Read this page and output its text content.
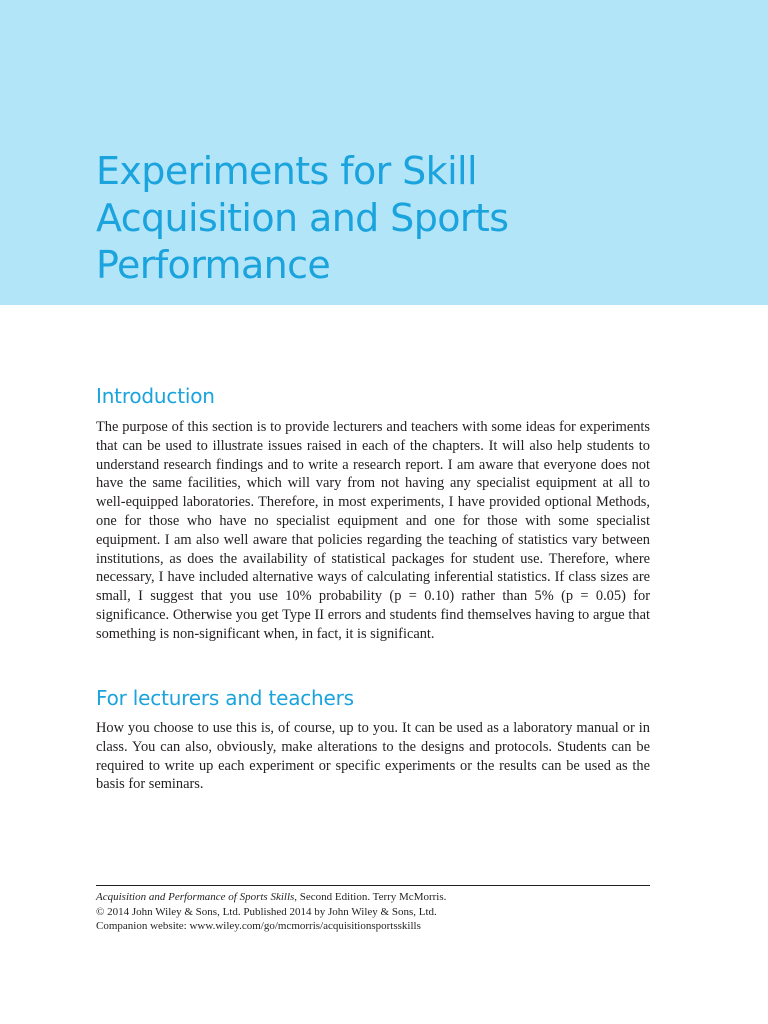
Experiments for Skill Acquisition and Sports Performance
Introduction

The purpose of this section is to provide lecturers and teachers with some ideas for experiments that can be used to illustrate issues raised in each of the chapters. It will also help students to understand research findings and to write a research report. I am aware that everyone does not have the same facilities, which will vary from not having any specialist equipment at all to well-equipped laboratories. Therefore, in most experiments, I have provided optional Methods, one for those who have no specialist equipment and one for those with some specialist equipment. I am also well aware that policies regarding the teaching of statistics vary between institutions, as does the availability of statistical packages for student use. Therefore, where necessary, I have included alternative ways of calculating inferential statistics. If class sizes are small, I suggest that you use 10% probability (p = 0.10) rather than 5% (p = 0.05) for significance. Otherwise you get Type II errors and students find themselves having to argue that something is non-significant when, in fact, it is significant.

For lecturers and teachers

How you choose to use this is, of course, up to you. It can be used as a laboratory manual or in class. You can also, obviously, make alterations to the designs and protocols. Students can be required to write up each experiment or specific experiments or the results can be used as the basis for seminars.

Acquisition and Performance of Sports Skills, Second Edition. Terry McMorris.
© 2014 John Wiley & Sons, Ltd. Published 2014 by John Wiley & Sons, Ltd.
Companion website: www.wiley.com/go/mcmorris/acquisitionsportsskills
